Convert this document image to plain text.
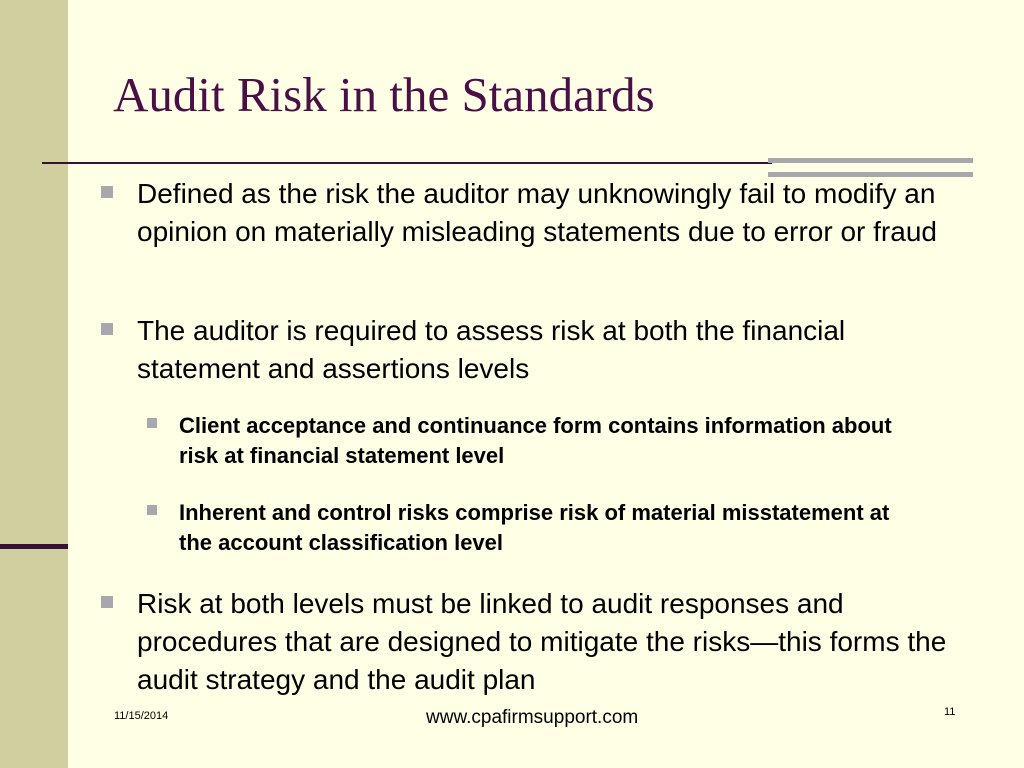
Audit Risk in the Standards
Defined as the risk the auditor may unknowingly fail to modify an opinion on materially misleading statements due to error or fraud
The auditor is required to assess risk at both the financial statement and assertions levels
Client acceptance and continuance form contains information about risk at financial statement level
Inherent and control risks comprise risk of material misstatement at the account classification level
Risk at both levels must be linked to audit responses and procedures that are designed to mitigate the risks—this forms the audit strategy and the audit plan
11/15/2014	www.cpafirmsupport.com	11
